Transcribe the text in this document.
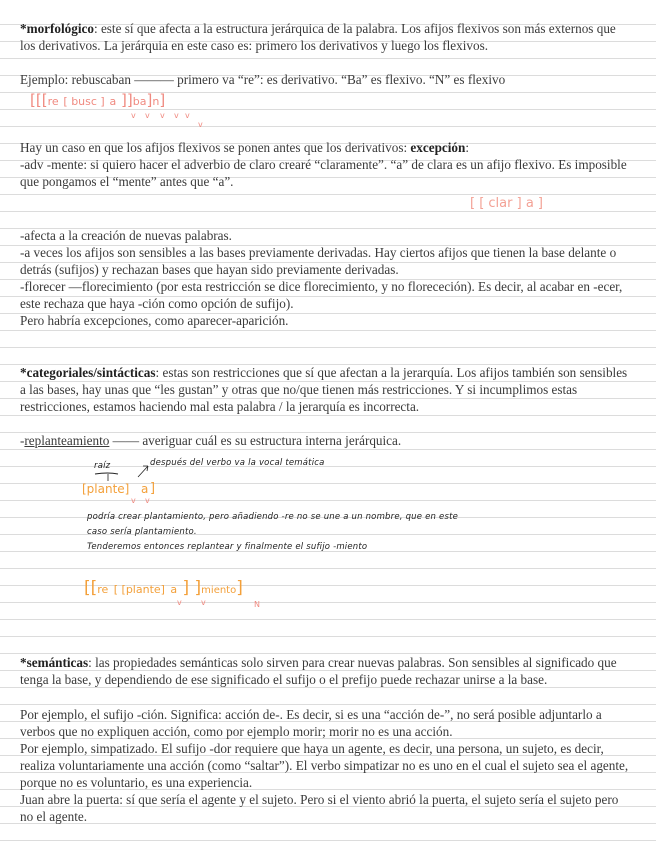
*morfológico: este sí que afecta a la estructura jerárquica de la palabra. Los afijos flexivos son más externos que los derivativos. La jerárquia en este caso es: primero los derivativos y luego los flexivos.

Ejemplo: rebuscaban ——— primero va “re”: es derivativo. “Ba” es flexivo. “N” es flexivo

[[[re [ busc ] a ]]ba]n]
v v v v v
v

Hay un caso en que los afijos flexivos se ponen antes que los derivativos: excepción:

-adv -mente: si quiero hacer el adverbio de claro crearé “claramente”. “a” de clara es un afijo flexivo. Es imposible que pongamos el “mente” antes que “a”.

[ [ clar ] a ]

-afecta a la creación de nuevas palabras.

-a veces los afijos son sensibles a las bases previamente derivadas. Hay ciertos afijos que tienen la base delante o detrás (sufijos) y rechazan bases que hayan sido previamente derivadas.

-florecer —florecimiento (por esta restricción se dice florecimiento, y no florececión). Es decir, al acabar en -ecer, este rechaza que haya -ción como opción de sufijo).

Pero habría excepciones, como aparecer-aparición.

*categoriales/sintácticas: estas son restricciones que sí que afectan a la jerarquía. Los afijos también son sensibles a las bases, hay unas que “les gustan” y otras que no/que tienen más restricciones. Y si incumplimos estas restricciones, estamos haciendo mal esta palabra / la jerarquía es incorrecta.

-replanteamiento —— averiguar cuál es su estructura interna jerárquica.

raíz	después del verbo va la vocal temática
[plante] a ]
v v
podría crear plantamiento, pero añadiendo -re no se une a un nombre, que en este
caso sería plantamiento.
Tenderemos entonces replantear y finalmente el sufijo -miento
[[re [ [plante] a ] ]miento]
v v	N

*semánticas: las propiedades semánticas solo sirven para crear nuevas palabras. Son sensibles al significado que tenga la base, y dependiendo de ese significado el sufijo o el prefijo puede rechazar unirse a la base.

Por ejemplo, el sufijo -ción. Significa: acción de-. Es decir, si es una “acción de-”, no será posible adjuntarlo a verbos que no expliquen acción, como por ejemplo morir; morir no es una acción.

Por ejemplo, simpatizado. El sufijo -dor requiere que haya un agente, es decir, una persona, un sujeto, es decir, realiza voluntariamente una acción (como “saltar”). El verbo simpatizar no es uno en el cual el sujeto sea el agente, porque no es voluntario, es una experiencia.

Juan abre la puerta: sí que sería el agente y el sujeto. Pero si el viento abrió la puerta, el sujeto sería el sujeto pero no el agente.
